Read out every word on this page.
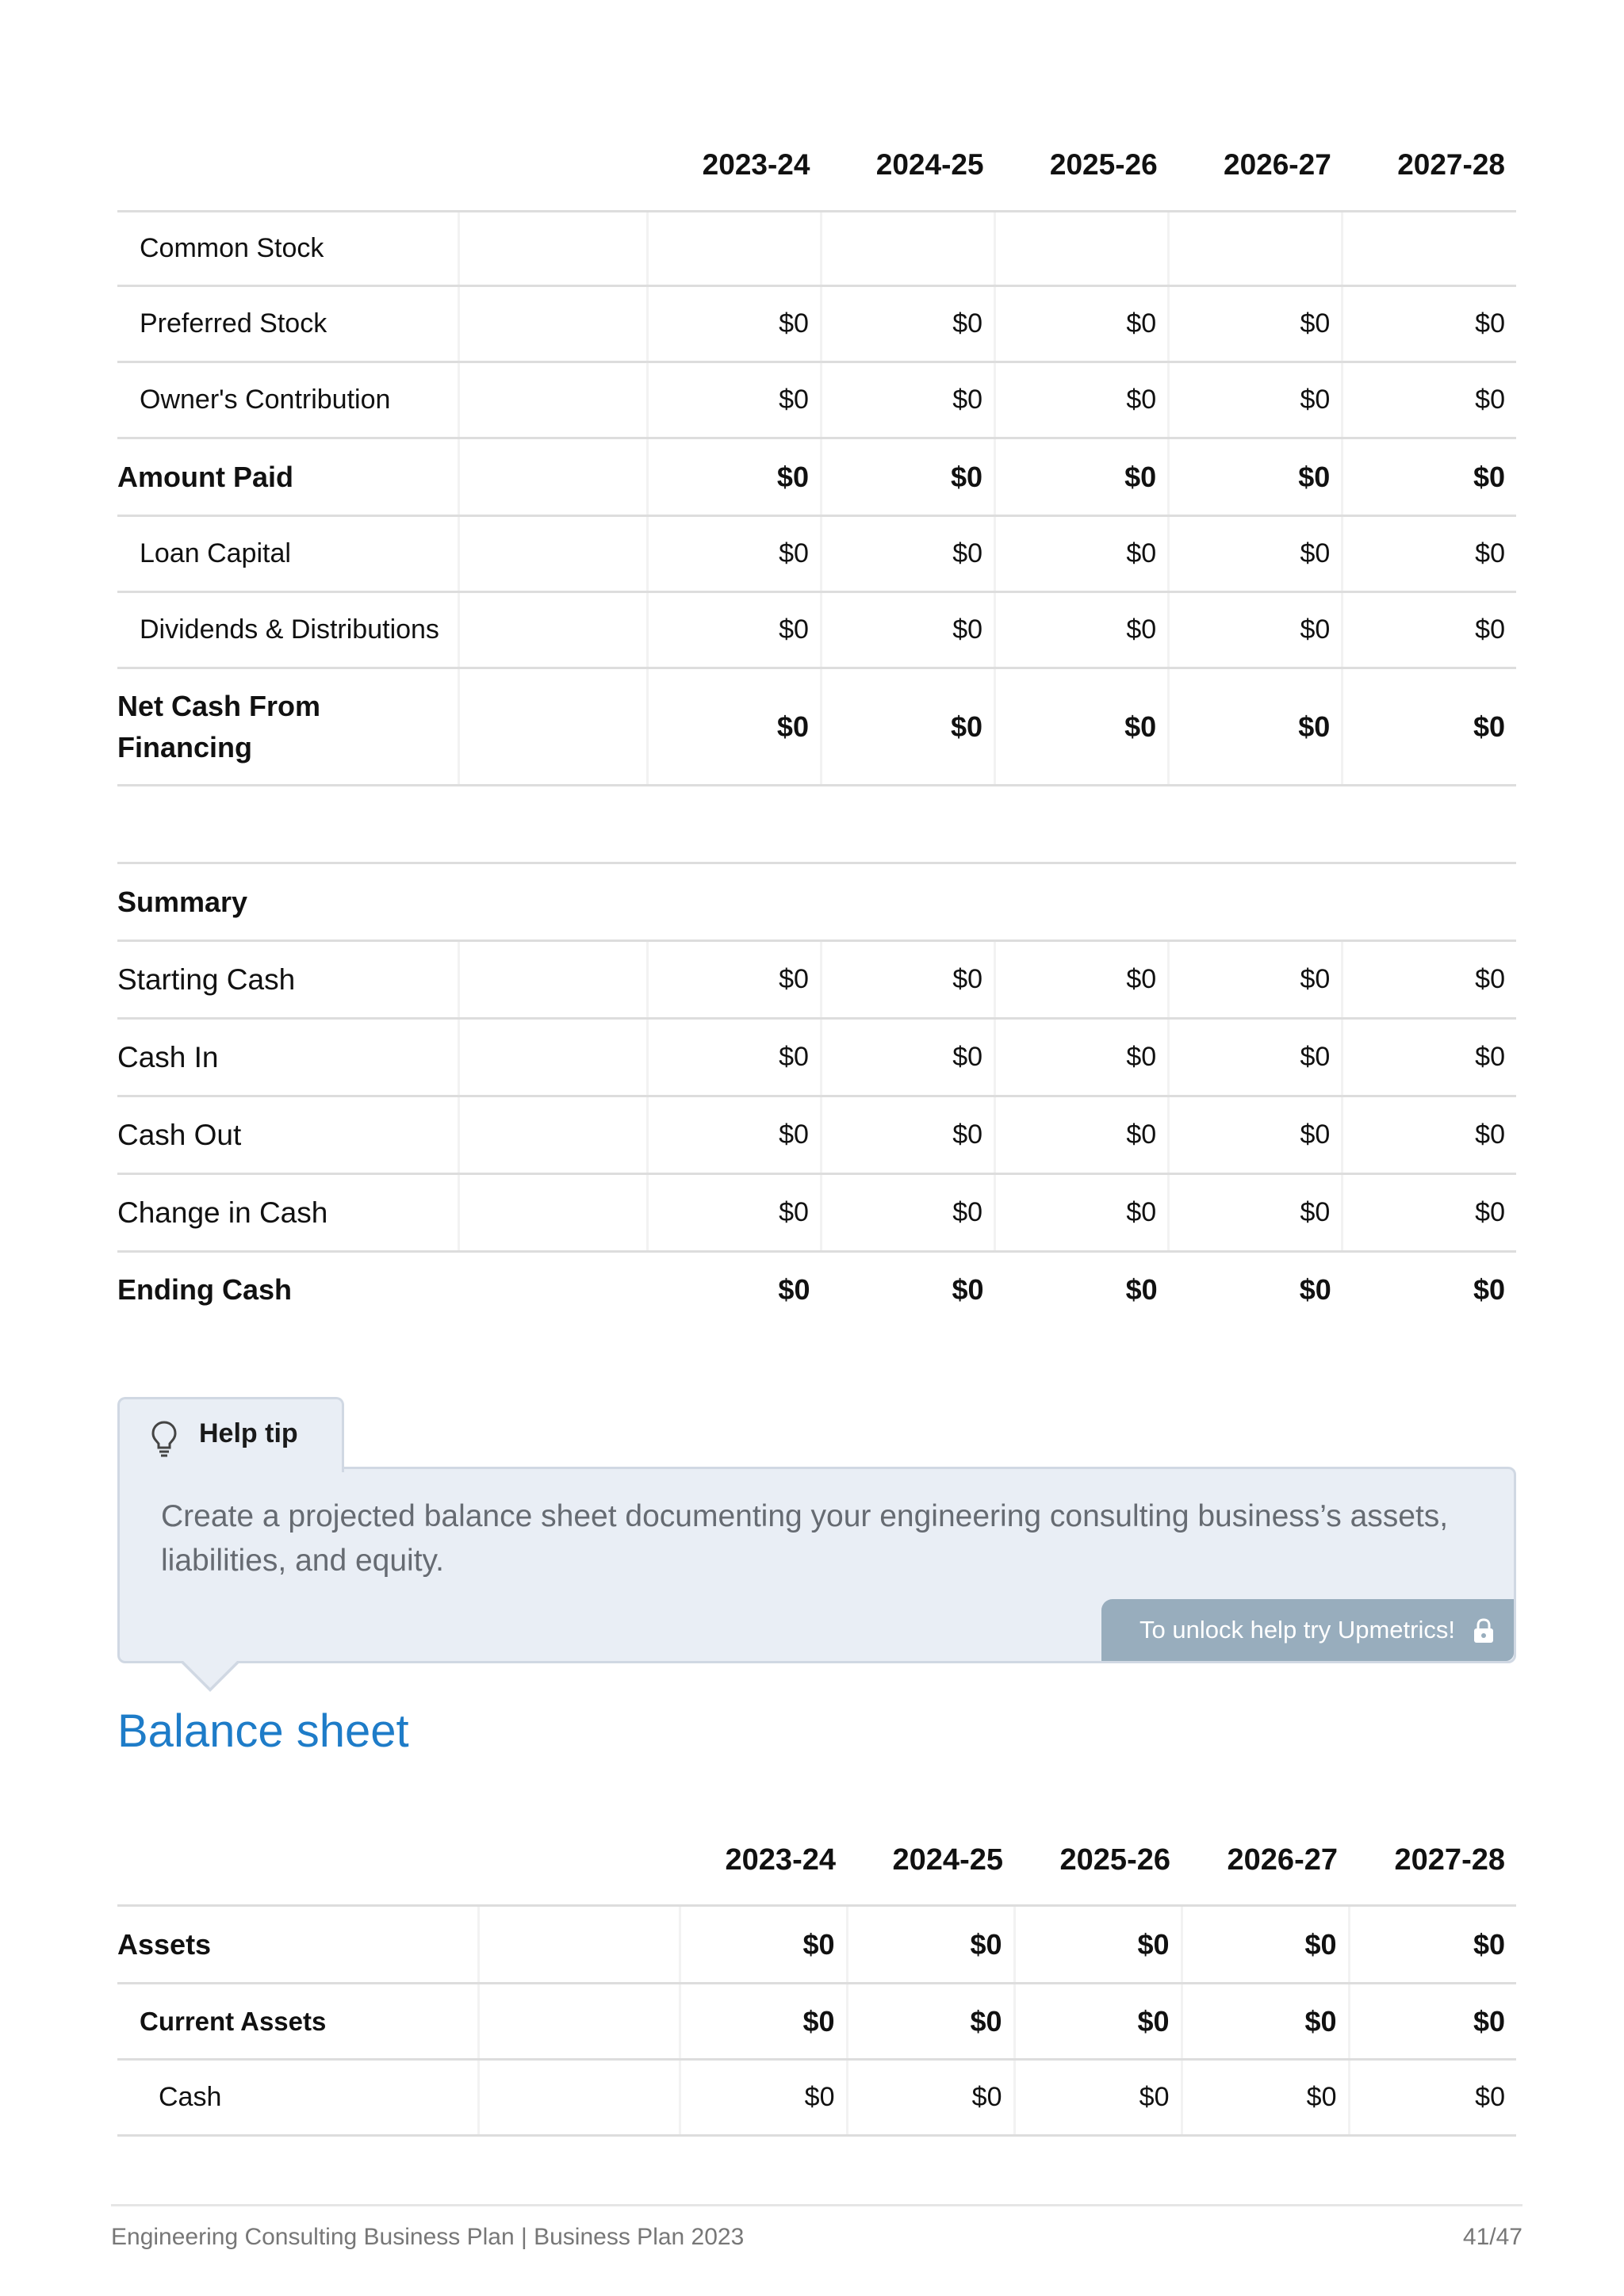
		2023-24	2024-25	2025-26	2026-27	2027-28
Common Stock						
Preferred Stock		$0	$0	$0	$0	$0
Owner's Contribution		$0	$0	$0	$0	$0
Amount Paid		$0	$0	$0	$0	$0
Loan Capital		$0	$0	$0	$0	$0
Dividends & Distributions		$0	$0	$0	$0	$0

Net Cash From
Financing		$0	$0	$0	$0	$0

Summary						
Starting Cash		$0	$0	$0	$0	$0
Cash In		$0	$0	$0	$0	$0
Cash Out		$0	$0	$0	$0	$0
Change in Cash		$0	$0	$0	$0	$0
Ending Cash		$0	$0	$0	$0	$0
Help tip
Create a projected balance sheet documenting your engineering consulting business’s assets, liabilities, and equity.
To unlock help try Upmetrics!
Balance sheet
		2023-24	2024-25	2025-26	2026-27	2027-28
Assets		$0	$0	$0	$0	$0
Current Assets		$0	$0	$0	$0	$0
Cash		$0	$0	$0	$0	$0
Engineering Consulting Business Plan | Business Plan 2023	41/47
